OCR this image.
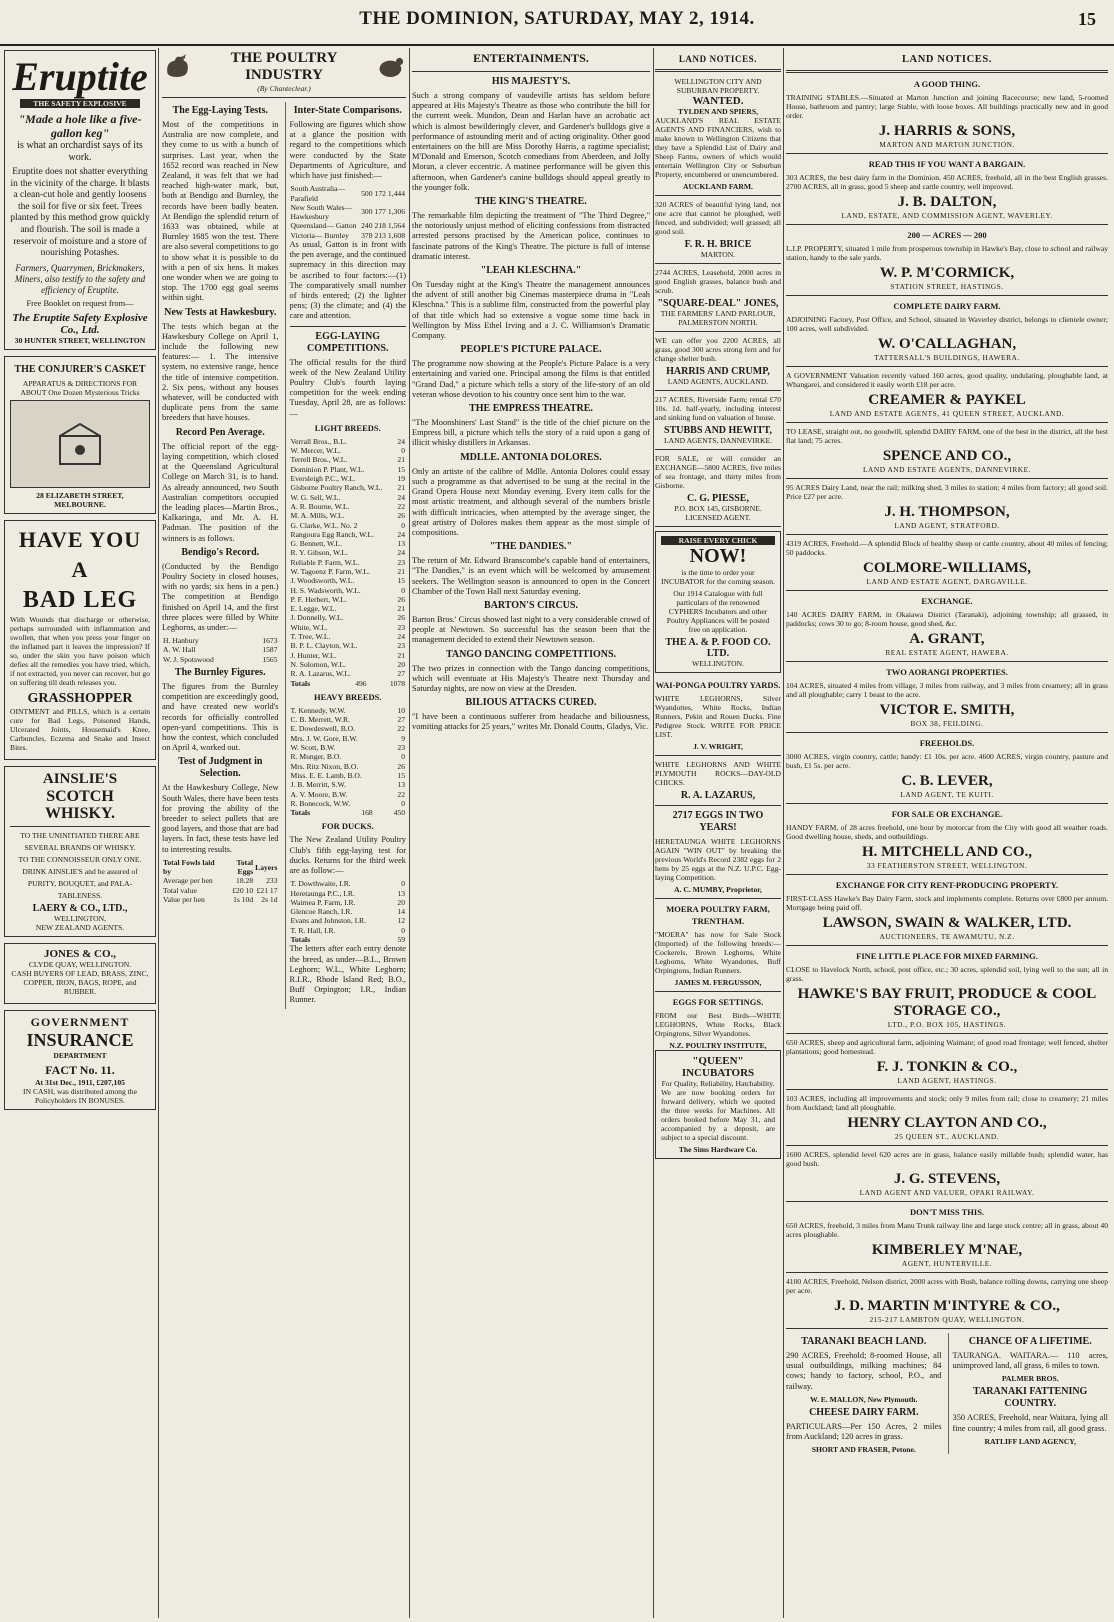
THE DOMINION, SATURDAY, MAY 2, 1914.	15
Eruptite
THE SAFETY EXPLOSIVE
"Made a hole like a five-gallon keg"

is what an orchardist says of its work.

Eruptite does not shatter everything in the vicinity of the charge. It blasts a clean-cut hole and gently loosens the soil for five or six feet. Trees planted by this method grow quickly and flourish. The soil is made a reservoir of moisture and a store of nourishing Potashes.

Farmers, Quarrymen, Brickmakers, Miners, also testify to the safety and efficiency of Eruptite.

Free Booklet on request from—

The Eruptite Safety Explosive Co., Ltd.
30 HUNTER STREET, WELLINGTON
THE CONJURER'S CASKET
APPARATUS & DIRECTIONS FOR ABOUT One Dozen Mysterious Tricks
28 ELIZABETH STREET, MELBOURNE.
HAVE YOU A
BAD LEG

With Wounds that discharge or otherwise, perhaps surrounded with inflammation and swollen, that when you press your finger on the inflamed part it leaves the impression? If so, under the skin you have poison which defies all the remedies you have tried, which, if not extracted, you never can recover, but go on suffering till death releases you.

GRASSHOPPER

OINTMENT and PILLS, which is a certain cure for Bad Legs, Poisoned Hands, Ulcerated Joints, Housemaid's Knee, Carbuncles, Eczema and Snake and Insect Bites.

AINSLIE'S
SCOTCH
WHISKY.

TO THE UNINITIATED THERE ARE

SEVERAL BRANDS OF WHISKY.

TO THE CONNOISSEUR ONLY ONE.

DRINK AINSLIE'S and be assured of

PURITY, BOUQUET, and PALA-

TABLENESS.

LAERY & CO., LTD.,
WELLINGTON,
NEW ZEALAND AGENTS.
JONES & CO.,
CLYDE QUAY, WELLINGTON.

CASH BUYERS OF LEAD, BRASS, ZINC, COPPER, IRON, BAGS, ROPE, and RUBBER.

GOVERNMENT
INSURANCE
DEPARTMENT
FACT No. 11.
At 31st Dec., 1911, £207,105
IN CASH, was distributed among the Policyholders IN BONUSES.
THE POULTRY INDUSTRY
(By Chanteclear.)
The Egg-Laying Tests.

Most of the competitions in Australia are now complete, and they come to us with a bunch of surprises. Last year, when the 1652 record was reached in New Zealand, it was felt that we had reached high-water mark, but, both at Bendigo and Burnley, the records have been badly beaten. At Bendigo the splendid return of 1633 was obtained, while at Burnley 1685 won the test. There are also several competitions to go to show what it is possible to do with a pen of six hens. It makes one wonder when we are going to stop. The 1700 egg goal seems within sight.

New Tests at Hawkesbury.

The tests which began at the Hawkesbury College on April 1, include the following new features:— 1. The intensive system, no extensive range, hence the title of intensive competition. 2. Six pens, without any houses whatever, will be conducted with duplicate pens from the same breeders that have houses.

Record Pen Average.

The official report of the egg-laying competition, which closed at the Queensland Agricultural College on March 31, is to hand. As already announced, two South Australian competitors occupied the leading places—Martin Bros., Kalkaringa, and Mr. A. H. Padman. The position of the winners is as follows.

Bendigo's Record.

(Conducted by the Bendigo Poultry Society in closed houses, with no yards; six hens in a pen.) The competition at Bendigo finished on April 14, and the first three places were filled by White Leghorns, as under:—

H. Hanbury	1673
A. W. Hall	1587
W. J. Spotswood	1565
The Burnley Figures.

The figures from the Burnley competition are exceedingly good, and have created new world's records for officially controlled open-yard competitions. This is how the contest, which concluded on April 4, worked out.

Test of Judgment in Selection.

At the Hawkesbury College, New South Wales, there have been tests for proving the ability of the breeder to select pullets that are good layers, and those that are bad layers. In fact, these tests have led to interesting results.

Total Fowls laid by	Total Eggs	Layers
Average per hen	18.28	233
Total value	£20 10	£21 17
Value per hen	1s 10d	2s 1d
Inter-State Comparisons.

Following are figures which show at a glance the position with regard to the competitions which were conducted by the State Departments of Agriculture, and which have just finished:—

South Australia— Parafield	500	172	1,444
New South Wales— Hawkesbury	300	177	1,306
Queensland— Gatton	240	218	1,564
Victoria— Burnley	378	213	1,608

As usual, Gatton is in front with the pen average, and the continued supremacy in this direction may be ascribed to four factors:—(1) The comparatively small number of birds entered; (2) the lighter pens; (3) the climate; and (4) the care and attention.

EGG-LAYING COMPETITIONS.

The official results for the third week of the New Zealand Utility Poultry Club's fourth laying competition for the week ending Tuesday, April 28, are as follows:—

LIGHT BREEDS.
Verrall Bros., B.L.	24
W. Mercer, W.L.	0
Terrell Bros., W.L.	21
Dominion P. Plant, W.L.	15
Eversleigh P.C., W.L.	19
Gisborne Poultry Ranch, W.L.	21
W. G. Sell, W.L.	24
A. R. Bourne, W.L.	22
M. A. Mills, W.L.	26
G. Clarke, W.L. No. 2	0
Rangoura Egg Ranch, W.L.	24
G. Bennett, W.L.	13
R. Y. Gibson, W.L.	24
Reliable P. Farm, W.L.	23
W. Tagoenz P. Farm, W.L.	21
J. Woodsworth, W.L.	15
H. S. Wadsworth, W.L.	0
P. F. Herbert, W.L.	26
E. Legge, W.L.	21
J. Donnelly, W.L.	26
White, W.L.	23
T. Tree, W.L.	24
B. P. L. Clayton, W.L.	23
J. Hunter, W.L.	21
N. Solomon, W.L.	20
R. A. Lazarus, W.L.	27
Totals	496	1078
HEAVY BREEDS.
T. Kennedy, W.W.	10
C. B. Merrett, W.R.	27
E. Dowdeswell, B.O.	22
Mrs. J. W. Gore, B.W.	9
W. Scott, B.W.	23
R. Munger, B.O.	0
Mrs. Ritz Nixon, B.O.	26
Miss. E. E. Lamb, B.O.	15
J. B. Merritt, S.W.	13
A. V. Moore, B.W.	22
R. Bonecock, W.W.	0
Totals	168	450
FOR DUCKS.

The New Zealand Utility Poultry Club's fifth egg-laying test for ducks. Returns for the third week are as follow:—

T. Dowthwaite, I.R.	0
Heretaunga P.C., I.R.	13
Waimea P. Farm, I.R.	20
Glencoe Ranch, I.R.	14
Evans and Johnston, I.R.	12
T. R. Hall, I.R.	0
Totals	59

The letters after each entry denote the breed, as under—B.L., Brown Leghorn; W.L., White Leghorn; R.I.R., Rhode Island Red; B.O., Buff Orpington; I.R., Indian Runner.

ENTERTAINMENTS.
HIS MAJESTY'S.

Such a strong company of vaudeville artists has seldom before appeared at His Majesty's Theatre as those who contribute the bill for the current week. Mundon, Dean and Harlan have an acrobatic act which is almost bewilderingly clever, and Gardener's bulldogs give a performance of astounding merit and of acting originality. Other good entertainers on the bill are Miss Dorothy Harris, a ragtime specialist; M'Donald and Emerson, Scotch comedians from Aberdeen, and Jolly Moran, a clever eccentric. A matinee performance will be given this afternoon, when Gardener's canine bulldogs should appeal greatly to the younger folk.

THE KING'S THEATRE.

The remarkable film depicting the treatment of "The Third Degree," the notoriously unjust method of eliciting confessions from distracted arrested persons practised by the American police, continues to fascinate patrons of the King's Theatre. The picture is full of intense dramatic interest.

"LEAH KLESCHNA."

On Tuesday night at the King's Theatre the management announces the advent of still another big Cinemas masterpiece drama in "Leah Kleschna." This is a sublime film, constructed from the powerful play of that title which had so extensive a vogue some time back in Wellington by Miss Ethel Irving and a J. C. Williamson's Dramatic Company.

PEOPLE'S PICTURE PALACE.

The programme now showing at the People's Picture Palace is a very entertaining and varied one. Principal among the films is that entitled "Grand Dad," a picture which tells a story of the life-story of an old veteran whose devotion to his country once sent him to the war.

THE EMPRESS THEATRE.

"The Moonshiners' Last Stand" is the title of the chief picture on the Empress bill, a picture which tells the story of a raid upon a gang of illicit whisky distillers in Arkansas.

MDLLE. ANTONIA DOLORES.

Only an artiste of the calibre of Mdlle. Antonia Dolores could essay such a programme as that advertised to be sung at the recital in the Grand Opera House next Monday evening. Every item calls for the most artistic treatment, and although several of the numbers bristle with difficult intricacies, when attempted by the average singer, the great artistry of Dolores makes them appear as the most simple of compositions.

"THE DANDIES."

The return of Mr. Edward Branscombe's capable band of entertainers, "The Dandies," is an event which will be welcomed by amusement seekers. The Wellington season is announced to open in the Concert Chamber of the Town Hall next Saturday evening.

BARTON'S CIRCUS.

Barton Bros.' Circus showed last night to a very considerable crowd of people at Newtown. So successful has the season been that the management decided to extend their Newtown season.

TANGO DANCING COMPETITIONS.

The two prizes in connection with the Tango dancing competitions, which will eventuate at His Majesty's Theatre next Thursday and Saturday nights, are now on view at the Dresden.

BILIOUS ATTACKS CURED.

"I have been a continuous sufferer from headache and biliousness, vomiting attacks for 25 years," writes Mr. Donald Coutts, Gladys, Vic.

LAND NOTICES.
A GOOD THING.

TRAINING STABLES.—Situated at Marton Junction and joining Racecourse; new land, 5-roomed House, bathroom and pantry; large Stable, with loose boxes. All buildings practically new and in good order.

J. HARRIS & SONS,
MARTON AND MARTON JUNCTION.
READ THIS IF YOU WANT A BARGAIN.

303 ACRES, the best dairy farm in the Dominion. 450 ACRES, freehold, all in the best English grasses. 2700 ACRES, all in grass, good 5 sheep and cattle country, well improved.

J. B. DALTON,
LAND, ESTATE, AND COMMISSION AGENT, WAVERLEY.
200 — ACRES — 200

L.I.P. PROPERTY, situated 1 mile from prosperous township in Hawke's Bay, close to school and railway station, handy to the sale yards.

W. P. M'CORMICK,
STATION STREET, HASTINGS.
COMPLETE DAIRY FARM.

ADJOINING Factory, Post Office, and School, situated in Waverley district, belongs to clientele owner; 100 acres, well subdivided.

W. O'CALLAGHAN,
TATTERSALL'S BUILDINGS, HAWERA.

A GOVERNMENT Valuation recently valued 160 acres, good quality, undulating, ploughable land, at Whangarei, and considered it easily worth £18 per acre.

CREAMER & PAYKEL
LAND AND ESTATE AGENTS, 41 QUEEN STREET, AUCKLAND.

TO LEASE, straight out, no goodwill, splendid DAIRY FARM, one of the best in the district, all the best flat land; 75 acres.

SPENCE AND CO.,
LAND AND ESTATE AGENTS, DANNEVIRKE.

95 ACRES Dairy Land, near the rail; milking shed, 3 miles to station; 4 miles from factory; all good soil. Price £27 per acre.

J. H. THOMPSON,
LAND AGENT, STRATFORD.

4319 ACRES, Freehold.—A splendid Block of healthy sheep or cattle country, about 40 miles of fencing; 50 paddocks.

COLMORE-WILLIAMS,
LAND AND ESTATE AGENT, DARGAVILLE.
EXCHANGE.

140 ACRES DAIRY FARM, in Okaiawa District (Taranaki), adjoining township; all grassed, in paddocks; cows 30 to go; 8-room house, good shed, &c.

A. GRANT,
REAL ESTATE AGENT, HAWERA.
TWO AORANGI PROPERTIES.

104 ACRES, situated 4 miles from village, 3 miles from railway, and 3 miles from creamery; all in grass and all ploughable; carry 1 beast to the acre.

VICTOR E. SMITH,
BOX 38, FEILDING.
FREEHOLDS.

3000 ACRES, virgin country, cattle; handy: £1 10s. per acre. 4600 ACRES, virgin country, pasture and bush, £1 5s. per acre.

C. B. LEVER,
LAND AGENT, TE KUITI.
FOR SALE OR EXCHANGE.

HANDY FARM, of 28 acres freehold, one hour by motorcar from the City with good all weather roads. Good dwelling house, sheds, and outbuildings.

H. MITCHELL AND CO.,
33 FEATHERSTON STREET, WELLINGTON.
EXCHANGE FOR CITY RENT-PRODUCING PROPERTY.

FIRST-CLASS Hawke's Bay Dairy Farm, stock and implements complete. Returns over £800 per annum. Mortgage being paid off.

LAWSON, SWAIN & WALKER, LTD.
AUCTIONEERS, TE AWAMUTU, N.Z.
FINE LITTLE PLACE FOR MIXED FARMING.

CLOSE to Havelock North, school, post office, etc.; 30 acres, splendid soil, lying well to the sun; all in grass.

HAWKE'S BAY FRUIT, PRODUCE & COOL STORAGE CO.,
LTD., P.O. BOX 105, HASTINGS.

650 ACRES, sheep and agricultural farm, adjoining Waimate; of good road frontage; well fenced, shelter plantations; good homestead.

F. J. TONKIN & CO.,
LAND AGENT, HASTINGS.

103 ACRES, including all improvements and stock; only 9 miles from rail; close to creamery; 21 miles from Auckland; land all ploughable.

HENRY CLAYTON AND CO.,
25 QUEEN ST., AUCKLAND.

1600 ACRES, splendid level 620 acres are in grass, balance easily millable bush; splendid water, has good bush.

J. G. STEVENS,
LAND AGENT AND VALUER, OPAKI RAILWAY.
DON'T MISS THIS.

650 ACRES, freehold, 3 miles from Manu Trunk railway line and large stock centre; all in grass, about 40 acres ploughable.

KIMBERLEY M'NAE,
AGENT, HUNTERVILLE.

4100 ACRES, Freehold, Nelson district, 2000 acres with Bush, balance rolling downs, carrying one sheep per acre.

J. D. MARTIN M'INTYRE & CO.,
215-217 LAMBTON QUAY, WELLINGTON.
TARANAKI BEACH LAND.

290 ACRES, Freehold; 8-roomed House, all usual outbuildings, milking machines; 84 cows; handy to factory, school, P.O., and railway.

W. E. MALLON, New Plymouth.
CHEESE DAIRY FARM.

PARTICULARS—Per 150 Acres, 2 miles from Auckland; 120 acres in grass.

SHORT AND FRASER, Petone.
CHANCE OF A LIFETIME.

TAURANGA. WAITARA.— 110 acres, unimproved land, all grass, 6 miles to town.

PALMER BROS.
TARANAKI FATTENING COUNTRY.

350 ACRES, Freehold, near Waitara, lying all fine country; 4 miles from rail, all good grass.

RATLIFF LAND AGENCY,
LAND NOTICES.
WELLINGTON CITY AND SUBURBAN PROPERTY.
WANTED.
TYLDEN AND SPIERS,

AUCKLAND'S REAL ESTATE AGENTS AND FINANCIERS, wish to make known to Wellington Citizens that they have a Splendid List of Dairy and Sheep Farms, owners of which would entertain Wellington City or Suburban Property, encumbered or unencumbered.

AUCKLAND FARM.

320 ACRES of beautiful lying land, not one acre that cannot be ploughed, well fenced, and subdivided; well grassed; all good soil.

F. R. H. BRICE
MARTON.

2744 ACRES, Leasehold, 2000 acres in good English grasses, balance bush and scrub.

"SQUARE-DEAL" JONES,
THE FARMERS' LAND PARLOUR, PALMERSTON NORTH.

WE can offer you 2200 ACRES, all grass, good 300 acres strong fern and for change shelter bush.

HARRIS AND CRUMP,
LAND AGENTS, AUCKLAND.

217 ACRES, Riverside Farm; rental £70 10s. 1d. half-yearly, including interest and sinking fund on valuation of house.

STUBBS AND HEWITT,
LAND AGENTS, DANNEVIRKE.

FOR SALE, or will consider an EXCHANGE—5800 ACRES, five miles of sea frontage, and thirty miles from Gisborne.

C. G. PIESSE,
P.O. BOX 145, GISBORNE. LICENSED AGENT.
RAISE EVERY CHICK
NOW!

is the time to order your INCUBATOR for the coming season.

Our 1914 Catalogue with full particulars of the renowned CYPHERS Incubators and other Poultry Appliances will be posted free on application.

THE A. & P. FOOD CO. LTD.
WELLINGTON.
WAI-PONGA POULTRY YARDS.

WHITE LEGHORNS, Silver Wyandottes, White Rocks, Indian Runners, Pekin and Rouen Ducks. Fine Pedigree Stock. WRITE FOR PRICE LIST.

J. V. WRIGHT,

WHITE LEGHORNS AND WHITE PLYMOUTH ROCKS—DAY-OLD CHICKS.

R. A. LAZARUS,
2717 EGGS IN TWO YEARS!

HERETAUNGA WHITE LEGHORNS AGAIN "WIN OUT" by breaking the previous World's Record 2382 eggs for 2 hens by 25 eggs at the N.Z. U.P.C. Egg-laying Competition.

A. C. MUMBY, Proprietor,
MOERA POULTRY FARM, TRENTHAM.

"MOERA" has now for Sale Stock (Imported) of the following breeds:—Cockerels, Brown Leghorns, White Leghorns, White Wyandottes, Buff Orpingtons, Indian Runners.

JAMES M. FERGUSSON,
EGGS FOR SETTINGS.

FROM our Best Birds—WHITE LEGHORNS, White Rocks, Black Orpingtons, Silver Wyandottes.

N.Z. POULTRY INSTITUTE,
"QUEEN" INCUBATORS
For Quality, Reliability, Hatchability.

We are now booking orders for forward delivery, which we quoted the three weeks for Machines. All orders booked before May 31, and accompanied by a deposit, are subject to a special discount.

The Sims Hardware Co.
